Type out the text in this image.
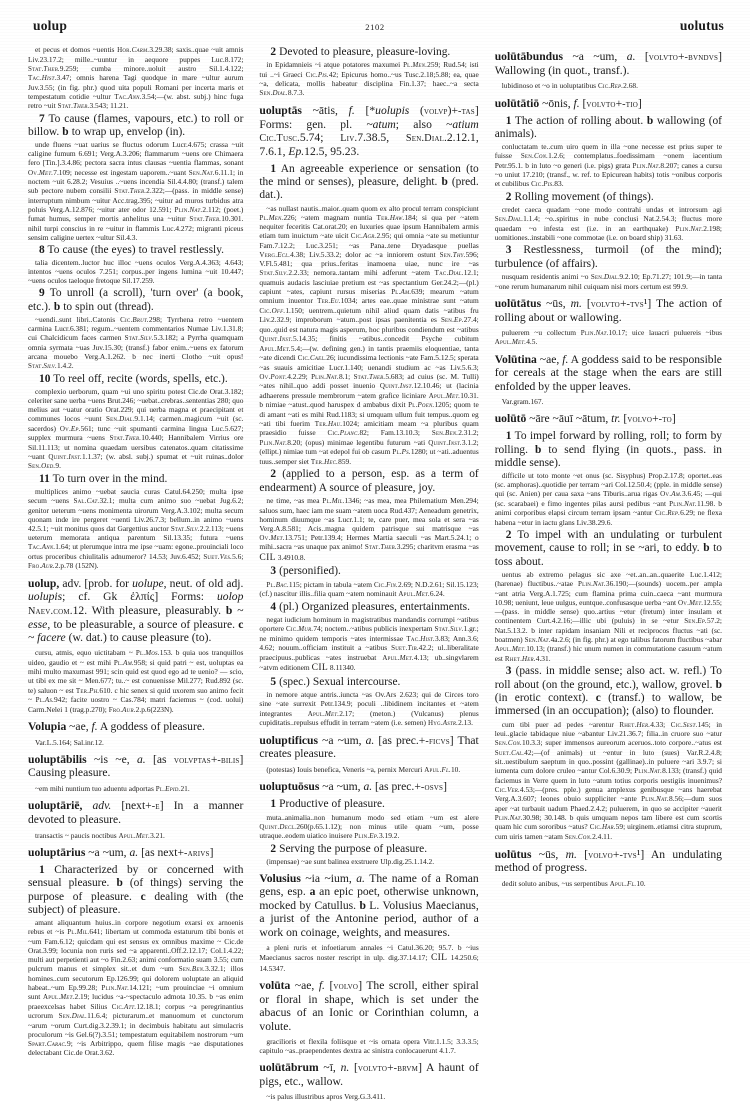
uolup	2102	uolutus
et pecus et domos ~uentis Hor.Carm.3.29.38; saxis..quae ~uit amnis Liv.23.17.2; mille..~uuntur in aequore puppes Luc.8.172; Stat.Theb.9.259; cumba minore..uoluit austro Sil.1.4.122; Tac.Hist.3.47; omnis harena Tagi quodque in mare ~ultur aurum Juv.3.55; (in fig. phr.) quod uita populi Romani per incerta maris et tempestatum cotidie ~ultur Tac.Ann.3.54;—(w. abst. subj.) hinc fuga retro ~uit Stat.Theb.3.543; 11.21.
7 To cause (flames, vapours, etc.) to roll or billow. b to wrap up, envelop (in).
unde fluens ~uat uarius se fluctus odorum Lucr.4.675; crassa ~uit caligine fumum 6.691; Verg.A.3.206; flammarum ~uens ore Chimaera fero [Tin.].3.4.86; pectora sacra intus clausas ~uentia flammas, sonant Ov.Met.7.109; necesse est ingestam uaporem..~uant Sen.Nat.6.11.1; in noctem ~uit 6.28.2; Vesuius ..~uens incendia Sil.4.4.80; (transf.) talem sub pectore nubem consilii Stat.Theb.2.322;—(pass. in middle sense) interruptum nimbum ~uitur Acc.trag.395; ~uitur ad muros turbidus atra poluis Verg.A.12.876; ~uitur ater odor 12.591; Plin.Nat.2.112; (poet.) fumat humus, semper mortis anhelitus una ~uitur Stat.Theb.10.301. nihil turpi conscius in re ~uitur in flammis Luc.4.272; migranti piceus sensim caligine uertex ~ultur Sil.4.3.
8 To cause (the eyes) to travel restlessly.
talia dicentem..luctor huc illoc ~uens oculos Verg.A.4.363; 4.643; intentos ~uens oculos 7.251; corpus..per ingens lumina ~uit 10.447; ~uens oculos taeloque fretoque Sil.17.259.
9 To unroll (a scroll), 'turn over' (a book, etc.). b to spin out (thread).
~uendi..sunt libri..Catonis Cic.Brut.298; Tyrrhena retro ~uentem carmina Lucr.6.381; regum..~uentem commentarios Numae Liv.1.31.8; cui Chalcidicum faces carmen Stat.Silv.5.3.182; a Pyrrha quamquam omnia syrmata ~uas Juv.15.30; (transf.) fabor enim..~uens ex fatorum arcana mouebo Verg.A.1.262. b nec inerti Clotho ~uit opus! Stat.Silv.1.4.2.
10 To reel off, recite (words, spells, etc.).
complexio uerborum, quam ~ui uno spiritu potest Cic.de Orat.3.182; celeriter sane uerba ~uens Brut.246; ~uebat..crebras..sententias 280; quo melius aut ~uatur oratio Orat.229; qui uerba magna et praecipitant et communes locos ~uunt Sen.Dial.9.1.14; carmen..magicum ~uit (sc. sacerdos) Ov.Ep.561; tunc ~uit spumanti carmina lingua Luc.5.627; supplex murmura ~uens Stat.Theb.10.440; Hannibalem Virrius ore Sil.11.113; ut nomina quaedam uersibus catenatos..quam citatissime ~uant Quint.Inst.1.1.37; (w. absl. subj.) spumat et ~uit ruinas..dolor Sen.Oed.9.
11 To turn over in the mind.
multiplices animo ~uebat saucia curas Catul.64.250; multa ipse secum ~uens Sal.Cat.32.1; multa cum animo suo ~uebat Jug.6.2; genitor ueterum ~uens monimenta uirorum Verg.A.3.102; multa secum quonam inde ire pergeret ~uenti Liv.26.7.3; bellum..in animo ~uens 42.5.1; ~uit monitus quos dat Gargettius auctor Stat.Silv.2.2.113; ~uens ueterum memorata antiqua parentum Sil.13.35; futura ~uens Tac.Ann.1.64; ut plerumque intra me ipse ~uam: egone..prouinciali loco ortus proceribus chiulitalis adnumeror? 14.53; Juv.6.452; Suet.Ves.5.6; Fro.Aur.2.p.78 (152N).
uolup, adv. [prob. for uolupe, neut. of old adj. uolupis; cf. Gk ἐλπίς] Forms: uolop Naev.com.12. With pleasure, pleasurably. b ~ esse, to be pleasurable, a source of pleasure. c ~ facere (w. dat.) to cause pleasure (to).
cursu, atmis, equo uictitabam ~ Pl.Mos.153. b quia uos tranquillos uideo, gaudio et ~ est mihi Pl.Am.958; si quid patri ~ est, uoluptas ea mihi multo maxumast 991; scin quid est quod ego ad te uenio? — scio, ut tibi ex me sit ~ Men.677; tu..~ est conuenisse Mil.277; Rud.892 (sc. te) saluon ~ est Ter.Ph.610. c hic senex si quid uxorem suo animo fecit ~ Pl.As.942; facite uostro ~ Cas.784; matri faciemus ~ (cod. uolui) Carm.Nelei 1 (trag.p.270); Fro.Aur.2.p.6(223N).
Volupia ~ae, f. A goddess of pleasure.
Var.L.5.164; Sal.inr.12.
uoluptābilis ~is ~e, a. [as volvptas+-bilis] Causing pleasure.
~em mihi nuntium tuo aduentu adportas Pl.Epid.21.
uoluptāriē, adv. [next+-e] In a manner devoted to pleasure.
transactis ~ paucis noctibus Apul.Met.3.21.
uoluptārius ~a ~um, a. [as next+-arivs]
1 Characterized by or concerned with sensual pleasure. b (of things) serving the purpose of pleasure. c dealing with (the subject) of pleasure.
amant aliquantum huius..in corpore negotium exarsi ex arnoenis rebus et ~is Pl.Mil.641; libertam ut commoda estaturum tibi bonis et ~um Fam.6.12; quicdam qui est sensus ex omnibus maxime ~ Cic.de Orat.3.99; locunia non ruris sed ~a apparenti..Off.2.12.17; Col.1.4.22; multi aut perpetienti aut ~o Fin.2.63; animi conformatio suam 3.55; cum pulcrum manus et simplex sit..et dum ~um Sen.Ben.3.32.1; illos homines..cum secutorum Ep.126.99; qui dolorem uoluptate an aliquid habeat..~um Ep.99.28; Plin.Nat.14.121; ~um prouinciae ~i omnium sunt Apul.Met.2.19; lucidus ~a-~spectaculo admota 10.35. b ~as enim praeexcelsas habet Silius Cic.Att.12.18.1; corpus ~a peregrinantius ucrorum Sen.Dial.11.6.4; picturarum..et manuomum et cunctorum ~arum ~orum Curt.dig.3.2.39.1; in decimbuis habitatu aut simulacris proculorum ~is Gel.6(?).3.51; tempestatum equitabilem nostrorum ~um Spart.Carac.9; ~is Arbitrippo, quem filise magis ~ae disputationes delectabant Cic.de Orat.3.62.
2 Devoted to pleasure, pleasure-loving.
in Epidamnieis ~i atque potatores maxumei Pl.Men.259; Rud.54; isti tui ..~i Graeci Cic.Pis.42; Epicurus homo..~us Tusc.2.18;5.88; ea, quae ~a, delicata, mollis habeatur disciplina Fin.1.37; haec..~a secta Sen.Dial.8.7.3.
uoluptās ~ātis, f. [*uolupis (volvp)+-tas] Forms: gen. pl. ~atum; also ~atium Cic.Tusc.5.74; Liv.7.38.5, Sen.Dial.2.12.1, 7.6.1, Ep.12.5, 95.23.
1 An agreeable experience or sensation (to the mind or senses), pleasure, delight. b (pred. dat.).
~as nullast nautis..maior..quam quom ex alto procul terram conspiciunt Pl.Men.226; ~atem magnam nuntia Ter.Haw.184; si qua per ~atem nequiter feceritis Cat.orat.20; en luxuries quae ipsum Hannibalem armis etiam tum inuictum ~ate uicit Cic.Agr.2.95; qui omnia ~ate su metiuntur Fam.7.12.2; Luc.3.251; ~as Pana..tene Dryadasque puellas Verg.Ecl.4.38; Liv.5.33.2; dolor ac ~a inniorem ostunt Sen.Thy.596; V.Fl.5.481; qua prius..feritas inamoena uiae, nunc ire ~as Stat.Silv.2.2.33; nemora..tantam mihi adferunt ~atem Tac.Dial.12.1; quamuis audacis lasciuiae pretium est ~as spectantium Ger.24.2;—(pl.) capiunt ~ates, capiunt rursus miserias Pl.Am.639; mearum ~atum omnium inuentor Ter.Eu.1034; artes eae..quae ministrae sunt ~atum Cic.Off.1.150; uentrem..quietum nihil aliud quam datis ~atibus fru Liv.2.32.9; improborum ~atum..post ipsas paenitentia es Sen.Ep.27.4; quo..quid est natura magis asperum, hoc pluribus condiendum est ~atibus Quint.Inst.5.14.35; finitis ~atibus..concedit Psyche cubitum Apul.Met.5.4;—(w. defining gen.) in tantis praemiis eloquentiae, tanta ~ate dicendi Cic.Cael.26; iucundissima lectionis ~ate Fam.5.12.5; sperata ~as suauis amicitiae Lucr.1.140; uenandi studium ac ~as Liv.5.6.3; Ov.Pont.4.2.29; Plin.Nat.8.1; Stat.Theb.5.683; ad cuius (sc. M. Tulli) ~ates nihil..quo addi posset inuenio Quint.Inst.12.10.46; ut (lacinia adhaerens pressule membrorum ~atem grafice liciniare Apul.Met.10.31. b nimiae ~atust..quod haruspex d ambabus dixit Pl.Poen.1205; quom te di amant ~ati es mihi Rud.1183; si umquam ullum fuit tempus..quom eg ~ati tibi fuerim Ter.Hau.1024; amicitiam meam ~a pluribus quam praesidio fuisse Cic.Planc.82; Fam.13.10.3; Sen.Ben.2.31.2; Plin.Nat.8.20; (opus) minimae legentibu futurum ~ati Quint.Inst.3.1.2; (ellipt.) nimiae tum ~at edepol fui ob casum Pl.Ps.1280; ut ~ati..aduentus tuus..semper siet Ter.Hec.859.
2 (applied to a person, esp. as a term of endearment) A source of pleasure, joy.
ne time, ~as mea Pl.Mil.1346; ~as mea, mea Philematium Men.294; saluos sum, haec iam me suam ~atem uoca Rud.437; Aeneadum genetrix, hominum diuumque ~as Lucr.1.1; te, care puer, mea sola et sera ~as Verg.A.8.581; Acis..magna quidem patrisque sui matrisque ~as Ov.Met.13.751; Petr.139.4; Hermes Martia saeculi ~as Mart.5.24.1; o mihi..sacra ~as unaque pax animo! Stat.Theb.3.295; charitvm erasma ~as CIL 3.4910.8.
3 (personified).
Pl.Bac.115; pictam in tabula ~atem Cic.Fin.2.69; N.D.2.61; Sil.15.123; (cf.) nascitur illis..filia quam ~atem nominauit Apul.Met.6.24.
4 (pl.) Organized pleasures, entertainments.
negat iudicium hominum in magistratibus mandandis corrumpi ~atibus oportere Cic.Mur.74; noctem..~atibus publicis inexpertam Stat.Silv.1.gr.; ne minimo quidem temporis ~ates intermissae Tac.Hist.3.83; Ann.3.6; 4.62; nouum..officiam instituit a ~atibus Suet.Tib.42.2; ul..liberalitate praecipuus..publicas ~ates instruebat Apul.Met.4.13; ub..singvlarem ~atvm editionem CIL 8.11340.
5 (spec.) Sexual intercourse.
in nemore atque antris..iuncta ~as Ov.Ars 2.623; qui de Circes toro sine ~ate surrexit Petr.134.9; poculi ..libidinem incitantes et ~atem integrantes Apul.Met.2.17; (meton.) (Vulcanus) plenus cupiditatis..repulsus effudit in terram ~atem (i.e. semen) Hyg.Astr.2.13.
uoluptificus ~a ~um, a. [as prec.+-ficvs] That creates pleasure.
(potestas) Iouis benefica, Veneris ~a, pernix Mercuri Apul.Fl.10.
uoluptuōsus ~a ~um, a. [as prec.+-osvs]
1 Productive of pleasure.
muta..animalia..non humanum modo sed etiam ~um est alere Quint.Decl.260(p.65.1.12); non minus utile quam ~um, posse utraque..eodem uiatico inuisere Plin.Ep.3.19.2.
2 Serving the purpose of pleasure.
(impensae) ~ae sunt balinea exstruere Ulp.dig.25.1.14.2.
Volusius ~ia ~ium, a. The name of a Roman gens, esp. a an epic poet, otherwise unknown, mocked by Catullus. b L. Volusius Maecianus, a jurist of the Antonine period, author of a work on coinage, weights, and measures.
a pleni ruris et infoetiarum annales ~i Catul.36.20; 95.7. b ~ius Maecianus sacros noster rescript in ulp. dig.37.14.17; CIL 14.250.6; 14.5347.
volūta ~ae, f. [volvo] The scroll, either spiral or floral in shape, which is set under the abacus of an Ionic or Corinthian column, a volute.
gracilioris et flexila foliisque et ~is ornata opera Vitr.1.1.5; 3.3.3.5; capitulo ~as..praependentes dextra ac sinistra conlocauerunt 4.1.7.
uolūtābrum ~ī, n. [volvto+-brvm] A haunt of pigs, etc., wallow.
~is palus illustribus apros Verg.G.3.411.
uolūtābundus ~a ~um, a. [volvto+-bvndvs] Wallowing (in quot., transf.).
lubidinoso et ~o in uoluptatibus Cic.Rep.2.68.
uolūtātiō ~ōnis, f. [volvto+-tio]
1 The action of rolling about. b wallowing (of animals).
conluctatam te..cum uiro quem in illa ~one necesse est prius super te fuisse Sen.Con.1.2.6; contemplatus..foedissimam ~onem iacentium Petr.95.1. b in luto ~o generi (i.e. pigs) grata Plin.Nat.8.207; canes a cursu ~o uniut 17.210; (transf., w. ref. to Epicurean habits) totis ~onibus corporis et cubilibus Cic.Pis.83.
2 Rolling movement (of things).
credet caeca quadam ~one modo contrahi undas et introrsum agi Sen.Dial.1.1.4; ~o..spiritus in nube conclusi Nat.2.54.3; fluctus more quaedam ~o infesta est (i.e. in an earthquake) Plin.Nat.2.198; uomitiones..instabili ~one commotae (i.e. on board ship) 31.63.
3 Restlessness, turmoil (of the mind); turbulence (of affairs).
nusquam residentis animi ~o Sen.Dial.9.2.10; Ep.71.27; 101.9;—in tanta ~one rerum humanarum nihil cuiquam nisi mors certum est 99.9.
uolūtātus ~ūs, m. [volvto+-tvs¹] The action of rolling about or wallowing.
puluerem ~u collectum Plin.Nat.10.17; uice lauacri puluereis ~ibus Apul.Met.4.5.
Volūtina ~ae, f. A goddess said to be responsible for cereals at the stage when the ears are still enfolded by the upper leaves.
Var.gram.167.
uolūtō ~āre ~āuī ~ātum, tr. [volvo+-to]
1 To impel forward by rolling, roll; to form by rolling. b to send flying (in quots., pass. in middle sense).
difficile ut toto monte ~et onus (sc. Sisyphus) Prop.2.17.8; oportet..eas (sc. amphoras)..quotidie per terram ~ari Col.12.50.4; (pple. in middle sense) qui (sc. Anien) per caua saxa ~ans Tiburis..arua rigas Ov.Am.3.6.45; —qui (sc. scarabaei) e fimo ingentes pilas aursi pedibus ~ant Plin.Nat.11.98. b animi corporibus elapsi circum terram ipsam ~antur Cic.Rep.6.29; ne flexa habena ~etur in iactu glans Liv.38.29.6.
2 To impel with an undulating or turbulent movement, cause to roll; in se ~ari, to eddy. b to toss about.
uentus ab extremo pelagus sic axe ~et..an..an..quaerite Luc.1.412; (harenae) fluctibus..~atae Plin.Nat.36.190;—(sounds) uocem..per ampla ~ant atria Verg.A.1.725; cum flamina prima cuin..caeca ~ant murmura 10.98; ueniunt, leue uulgus, euntque..confusasque uerba ~ant Ov.Met.12.55;—(pass. in middle sense) quo..artius ~etur (fretum) inter insulam et continentem Curt.4.2.16;—illic ubi (puluis) in se ~etur Sen.Ep.57.2; Nat.5.13.2. b inter rapidam insaniam Nili et reciprocos fluctus ~ati (sc. boatmen) Sen.Nat.4a.2.6; (in fig. phr.) at ego talibus fatorum fluctibus ~abar Apul.Met.10.13; (transf.) hic unum numen in commutatione casuum ~atum est Rhet.Her.4.31.
3 (pass. in middle sense; also act. w. refl.) To roll about (on the ground, etc.), wallow, grovel. b (in erotic context). c (transf.) to wallow, be immersed (in an occupation); (also) to flounder.
cum tibi puer ad pedes ~arentur Rhet.Her.4.33; Cic.Sest.145; in leui..glacie tabidaque niue ~abantur Liv.21.36.7; filia..in cruore suo ~atur Sen.Con.10.3.3; super immensos aureorum aceruos..toto corpore..~atus est Suet.Cal.42;—(of animals) ut ~entur in luto (sues) Var.R.2.4.8; sit..uestibulum saeptum in quo..possint (gallinae)..in puluere ~ari 3.9.7; si iumenta cum dolore cruleo ~antur Col.6.30.9; Plin.Nat.8.133; (transf.) quid faciemus in Verre quem in luto ~atum totius corporis uestigiis inuenimus? Cic.Ver.4.53;—(pres. pple.) genua amplexus genibusque ~ans haerebat Verg.A.3.607; leones obuio suppliciter ~ante Plin.Nat.8.56;—dum suos aper ~at turbauit uadum Phaed.2.4.2; puluerem, in quo se accipiter ~auerit Plin.Nat.30.98; 30.148. b quis umquam nepos tam libere est cum scortis quam hic cum sororibus ~atus? Cic.Har.59; uirginem..etiamsi citra stuprum, cum uiris tamen ~atam Sen.Con.2.4.11.
uolūtus ~ūs, m. [volvo+-tvs¹] An undulating method of progress.
dedit soluto anibus, ~us serpentibus Apul.Fl.10.
